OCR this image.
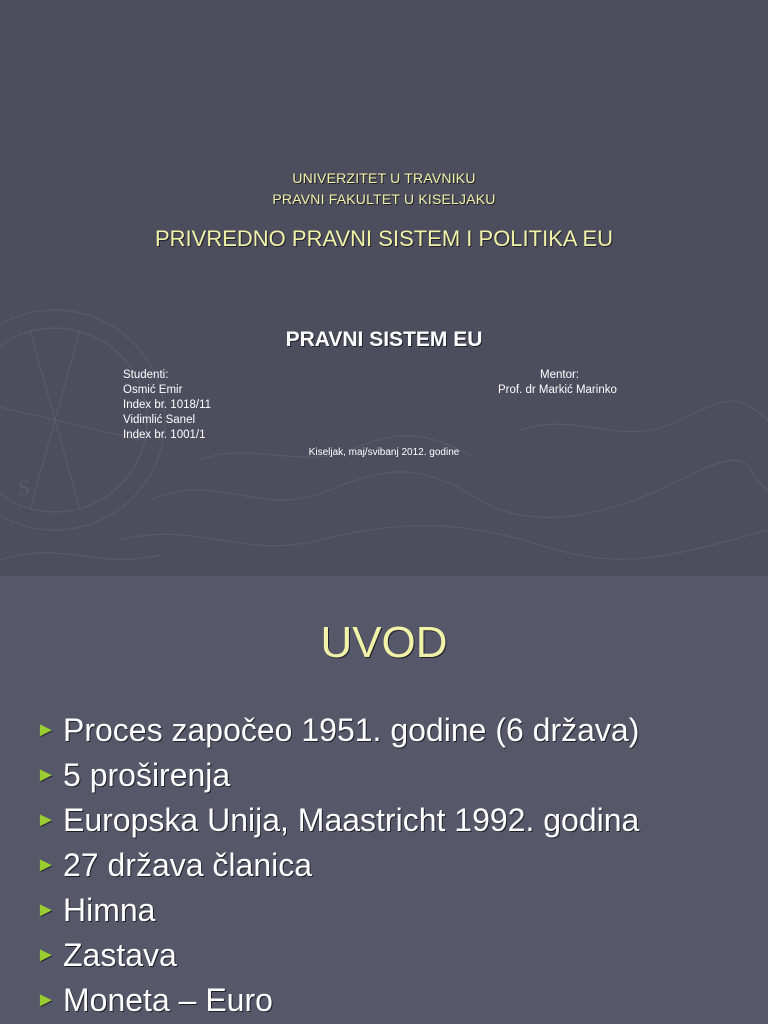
S
UNIVERZITET U TRAVNIKU
PRAVNI FAKULTET U KISELJAKU
PRIVREDNO PRAVNI SISTEM I POLITIKA EU
PRAVNI SISTEM EU
Studenti:
Osmić Emir
Index br. 1018/11
Vidimlić Sanel
Index br. 1001/1
Mentor:
Prof. dr Markić Marinko
Kiseljak, maj/svibanj 2012. godine
UVOD
► Proces započeo 1951. godine (6 država)
► 5 proširenja
► Europska Unija, Maastricht 1992. godina
► 27 država članica
► Himna
► Zastava
► Moneta – Euro
